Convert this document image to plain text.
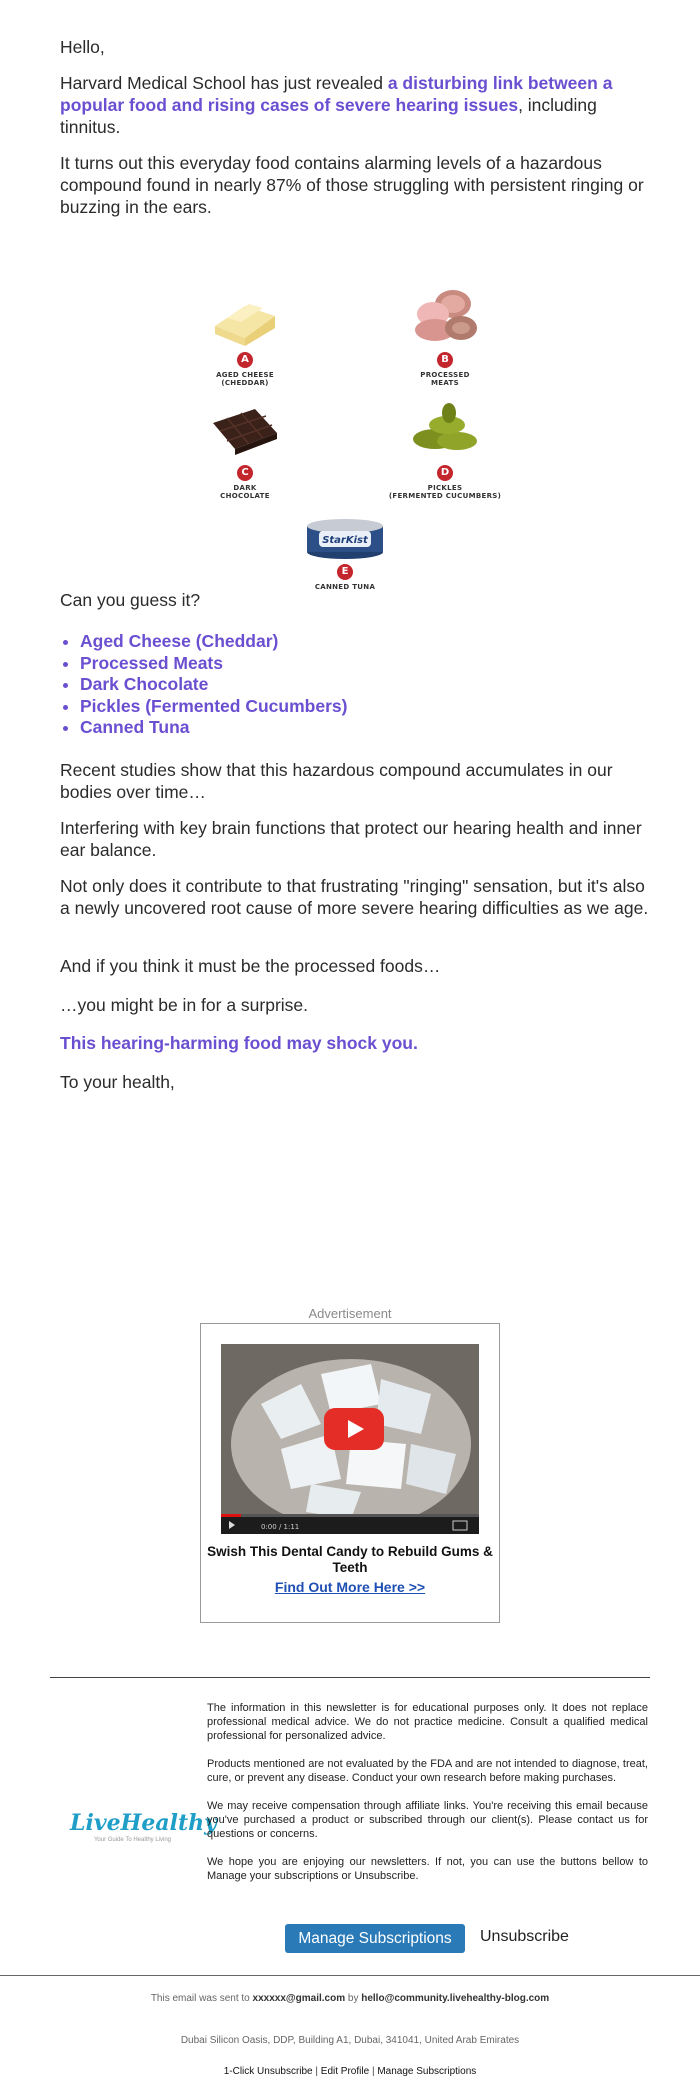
Hello,

Harvard Medical School has just revealed a disturbing link between a popular food and rising cases of severe hearing issues, including tinnitus.

It turns out this everyday food contains alarming levels of a hazardous compound found in nearly 87% of those struggling with persistent ringing or buzzing in the ears.

A
AGED CHEESE
(CHEDDAR)
B
PROCESSED
MEATS
C
DARK
CHOCOLATE
D
PICKLES
(FERMENTED CUCUMBERS)
StarKist
E
CANNED TUNA

Can you guess it?

• Aged Cheese (Cheddar)
• Processed Meats
• Dark Chocolate
• Pickles (Fermented Cucumbers)
• Canned Tuna

Recent studies show that this hazardous compound accumulates in our bodies over time…

Interfering with key brain functions that protect our hearing health and inner ear balance.

Not only does it contribute to that frustrating "ringing" sensation, but it's also a newly uncovered root cause of more severe hearing difficulties as we age.

And if you think it must be the processed foods…

…you might be in for a surprise.

This hearing-harming food may shock you.

To your health,

Advertisement
0:00 / 1:11
Swish This Dental Candy to Rebuild Gums & Teeth
Find Out More Here >>
LiveHealthy
Your Guide To Healthy Living

The information in this newsletter is for educational purposes only. It does not replace professional medical advice. We do not practice medicine. Consult a qualified medical professional for personalized advice.

Products mentioned are not evaluated by the FDA and are not intended to diagnose, treat, cure, or prevent any disease. Conduct your own research before making purchases.

We may receive compensation through affiliate links. You're receiving this email because you've purchased a product or subscribed through our client(s). Please contact us for questions or concerns.

We hope you are enjoying our newsletters. If not, you can use the buttons bellow to Manage your subscriptions or Unsubscribe.

Manage Subscriptions	Unsubscribe
This email was sent to xxxxxx@gmail.com by hello@community.livehealthy-blog.com
Dubai Silicon Oasis, DDP, Building A1, Dubai, 341041, United Arab Emirates
1-Click Unsubscribe | Edit Profile | Manage Subscriptions
